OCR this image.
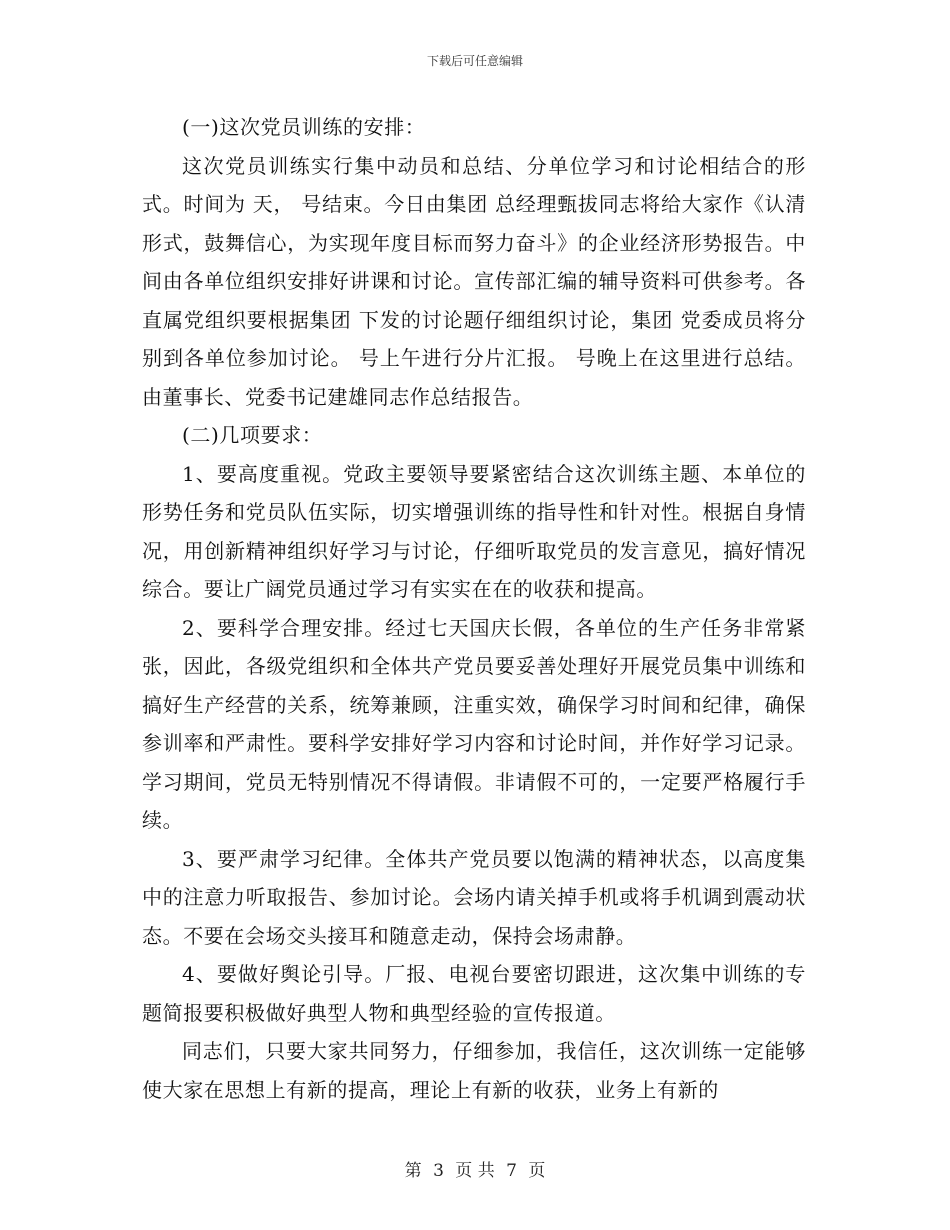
下载后可任意编辑

(一)这次党员训练的安排：

这次党员训练实行集中动员和总结、分单位学习和讨论相结合的形式。时间为 天， 号结束。今日由集团 总经理甄拔同志将给大家作《认清形式，鼓舞信心，为实现年度目标而努力奋斗》的企业经济形势报告。中间由各单位组织安排好讲课和讨论。宣传部汇编的辅导资料可供参考。各直属党组织要根据集团 下发的讨论题仔细组织讨论，集团 党委成员将分别到各单位参加讨论。 号上午进行分片汇报。 号晚上在这里进行总结。由董事长、党委书记建雄同志作总结报告。

(二)几项要求：

1、要高度重视。党政主要领导要紧密结合这次训练主题、本单位的形势任务和党员队伍实际，切实增强训练的指导性和针对性。根据自身情况，用创新精神组织好学习与讨论，仔细听取党员的发言意见，搞好情况综合。要让广阔党员通过学习有实实在在的收获和提高。

2、要科学合理安排。经过七天国庆长假，各单位的生产任务非常紧张，因此，各级党组织和全体共产党员要妥善处理好开展党员集中训练和搞好生产经营的关系，统筹兼顾，注重实效，确保学习时间和纪律，确保参训率和严肃性。要科学安排好学习内容和讨论时间，并作好学习记录。学习期间，党员无特别情况不得请假。非请假不可的，一定要严格履行手续。

3、要严肃学习纪律。全体共产党员要以饱满的精神状态，以高度集中的注意力听取报告、参加讨论。会场内请关掉手机或将手机调到震动状态。不要在会场交头接耳和随意走动，保持会场肃静。

4、要做好舆论引导。厂报、电视台要密切跟进，这次集中训练的专题简报要积极做好典型人物和典型经验的宣传报道。

同志们，只要大家共同努力，仔细参加，我信任，这次训练一定能够使大家在思想上有新的提高，理论上有新的收获，业务上有新的

第 3 页 共 7 页
